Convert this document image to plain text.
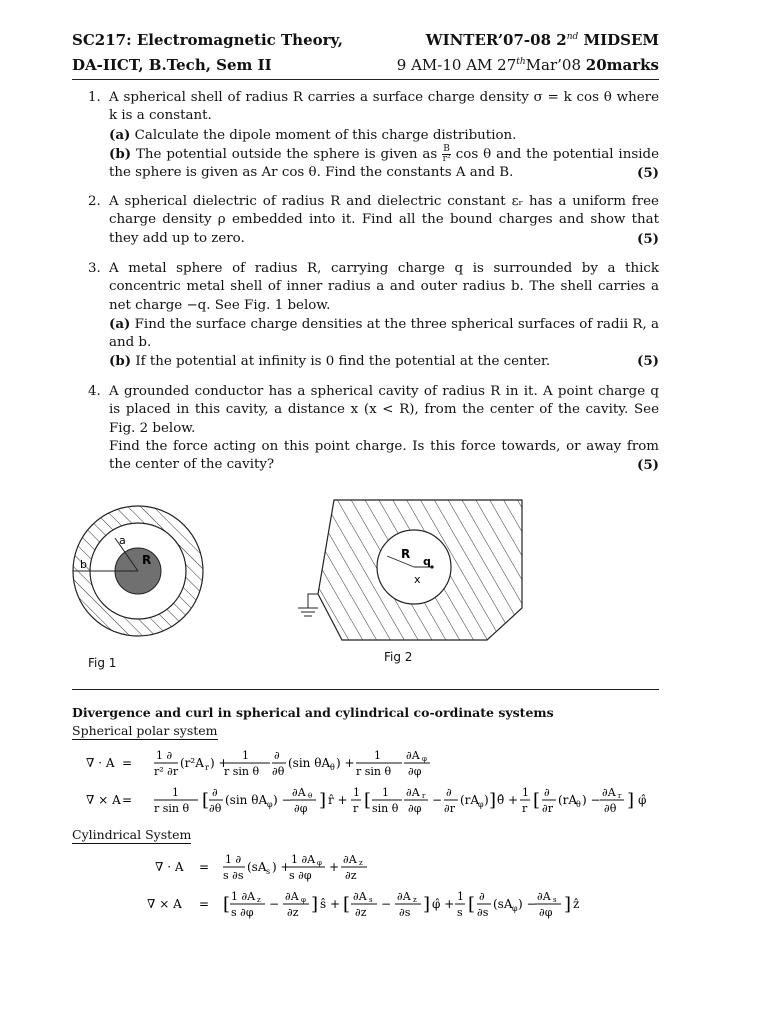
SC217: Electromagnetic Theory,
DA-IICT, B.Tech, Sem II
WINTER’07-08 2nd MIDSEM
9 AM-10 AM 27thMar’08 20marks
1. A spherical shell of radius R carries a surface charge density σ = k cos θ where k is a constant.
(a) Calculate the dipole moment of this charge distribution.
(b) The potential outside the sphere is given as $\frac{B}{\text{r²}}$ cos θ and the potential inside the sphere is given as Ar cos θ. Find the constants A and B.	(5)
2. A spherical dielectric of radius R and dielectric constant εᵣ has a uniform free charge density ρ embedded into it. Find all the bound charges and show that they add up to zero.	(5)
3. A metal sphere of radius R, carrying charge q is surrounded by a thick concentric metal shell of inner radius a and outer radius b. The shell carries a net charge −q. See Fig. 1 below.
(a) Find the surface charge densities at the three spherical surfaces of radii R, a and b.
(b) If the potential at infinity is 0 find the potential at the center.	(5)
4. A grounded conductor has a spherical cavity of radius R in it. A point charge q is placed in this cavity, a distance x (x < R), from the center of the cavity. See Fig. 2 below.
Find the force acting on this point charge. Is this force towards, or away from the center of the cavity?	(5)
b
a
R
Fig 1
R
q
x
Fig 2
Divergence and curl in spherical and cylindrical co-ordinate systems
Spherical polar system
∇ · A =
1 ∂
r² ∂r
(r²A r ) +
1
r sin θ
∂
∂θ
(sin θA θ ) +
1
r sin θ
∂A φ
∂φ
∇ × A =
1
r sin θ [ ∂
∂θ
(sin θA φ ) −
∂A θ
∂φ ] r̂ +
1
r [ 1
sin θ
∂A r
∂φ
−
∂
∂r
(rA
φ ) ] θ̂ +
1
r [ ∂
∂r
(rA
θ ) −
∂A r
∂θ ] φ̂
Cylindrical System
∇ · A =
1 ∂
s ∂s
(sA s ) +
1 ∂A φ
s ∂φ
+
∂A z
∂z
∇ × A = [ 1 ∂A z
s ∂φ
−
∂A φ
∂z ] ŝ + [ ∂A s
∂z
−
∂A z
∂s ] φ̂ +
1
s [ ∂
∂s
(sA φ ) −
∂A s
∂φ ] ẑ
